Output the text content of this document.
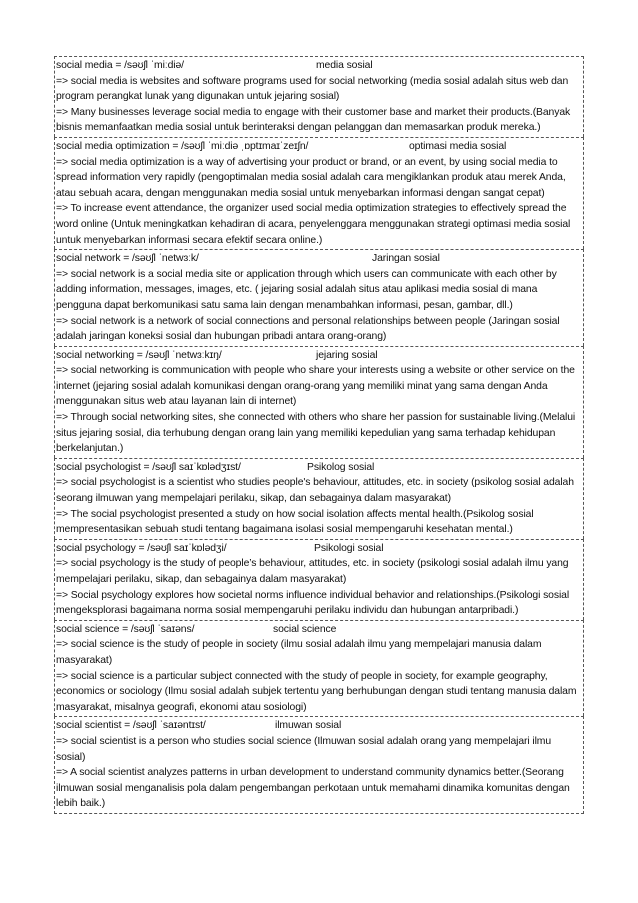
social media = /səʊʃl ˈmiːdiə/	media sosial
=> social media is websites and software programs used for social networking (media sosial adalah situs web dan program perangkat lunak yang digunakan untuk jejaring sosial)
=> Many businesses leverage social media to engage with their customer base and market their products.(Banyak bisnis memanfaatkan media sosial untuk berinteraksi dengan pelanggan dan memasarkan produk mereka.)
social media optimization = /səʊʃl ˈmiːdiə ˌɒptɪmaɪˈzeɪʃn/	optimasi media sosial
=> social media optimization is a way of advertising your product or brand, or an event, by using social media to spread information very rapidly (pengoptimalan media sosial adalah cara mengiklankan produk atau merek Anda, atau sebuah acara, dengan menggunakan media sosial untuk menyebarkan informasi dengan sangat cepat)
=> To increase event attendance, the organizer used social media optimization strategies to effectively spread the word online (Untuk meningkatkan kehadiran di acara, penyelenggara menggunakan strategi optimasi media sosial untuk menyebarkan informasi secara efektif secara online.)
social network = /səʊʃl ˈnetwɜːk/	Jaringan sosial
=> social network is a social media site or application through which users can communicate with each other by adding information, messages, images, etc. ( jejaring sosial adalah situs atau aplikasi media sosial di mana pengguna dapat berkomunikasi satu sama lain dengan menambahkan informasi, pesan, gambar, dll.)
=> social network is a network of social connections and personal relationships between people (Jaringan sosial adalah jaringan koneksi sosial dan hubungan pribadi antara orang-orang)
social networking = /səʊʃl ˈnetwɜːkɪŋ/	jejaring sosial
=> social networking is communication with people who share your interests using a website or other service on the internet (jejaring sosial adalah komunikasi dengan orang-orang yang memiliki minat yang sama dengan Anda menggunakan situs web atau layanan lain di internet)
=> Through social networking sites, she connected with others who share her passion for sustainable living.(Melalui situs jejaring sosial, dia terhubung dengan orang lain yang memiliki kepedulian yang sama terhadap kehidupan berkelanjutan.)
social psychologist = /səʊʃl saɪˈkɒlədʒɪst/	Psikolog sosial
=> social psychologist is a scientist who studies people's behaviour, attitudes, etc. in society (psikolog sosial adalah seorang ilmuwan yang mempelajari perilaku, sikap, dan sebagainya dalam masyarakat)
=> The social psychologist presented a study on how social isolation affects mental health.(Psikolog sosial mempresentasikan sebuah studi tentang bagaimana isolasi sosial mempengaruhi kesehatan mental.)
social psychology = /səʊʃl saɪˈkɒlədʒi/	Psikologi sosial
=> social psychology is the study of people’s behaviour, attitudes, etc. in society (psikologi sosial adalah ilmu yang mempelajari perilaku, sikap, dan sebagainya dalam masyarakat)
=> Social psychology explores how societal norms influence individual behavior and relationships.(Psikologi sosial mengeksplorasi bagaimana norma sosial mempengaruhi perilaku individu dan hubungan antarpribadi.)
social science = /səʊʃl ˈsaɪəns/	social science
=> social science is the study of people in society (ilmu sosial adalah ilmu yang mempelajari manusia dalam masyarakat)
=> social science is a particular subject connected with the study of people in society, for example geography, economics or sociology (Ilmu sosial adalah subjek tertentu yang berhubungan dengan studi tentang manusia dalam masyarakat, misalnya geografi, ekonomi atau sosiologi)
social scientist = /səʊʃl ˈsaɪəntɪst/	ilmuwan sosial
=> social scientist is a person who studies social science (Ilmuwan sosial adalah orang yang mempelajari ilmu sosial)
=> A social scientist analyzes patterns in urban development to understand community dynamics better.(Seorang ilmuwan sosial menganalisis pola dalam pengembangan perkotaan untuk memahami dinamika komunitas dengan lebih baik.)
